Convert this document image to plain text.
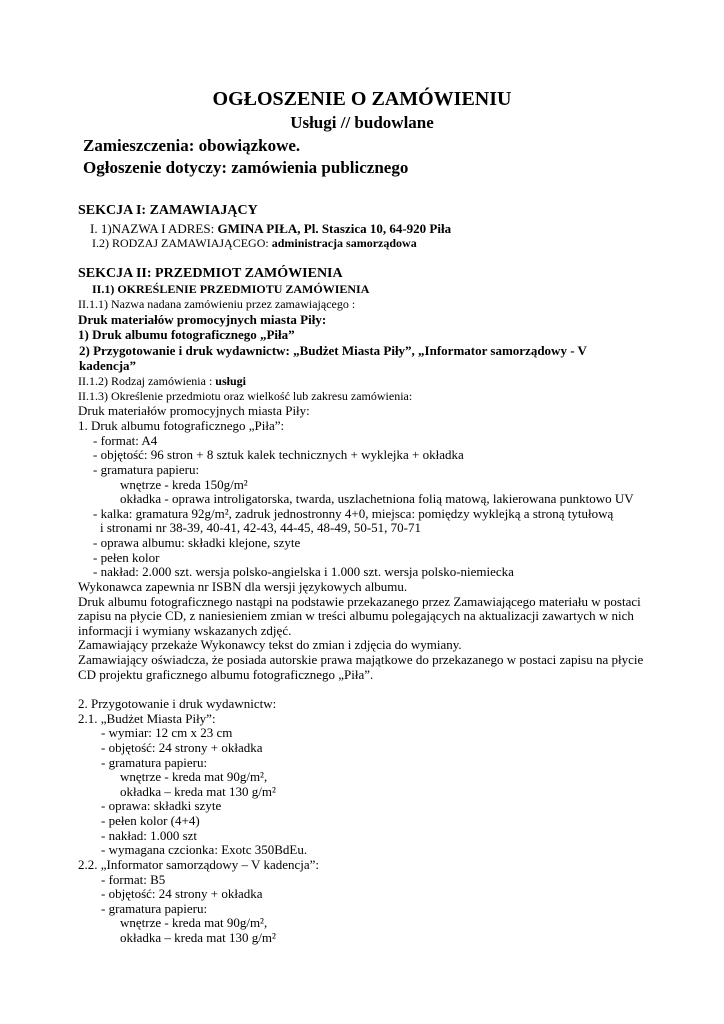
OGŁOSZENIE O ZAMÓWIENIU
Usługi // budowlane
Zamieszczenia: obowiązkowe.
Ogłoszenie dotyczy: zamówienia publicznego
SEKCJA I: ZAMAWIAJĄCY
I. 1)NAZWA I ADRES: GMINA PIŁA, Pl. Staszica 10, 64-920 Piła
I.2) RODZAJ ZAMAWIAJĄCEGO: administracja samorządowa
SEKCJA II: PRZEDMIOT ZAMÓWIENIA
II.1) OKREŚLENIE PRZEDMIOTU ZAMÓWIENIA
II.1.1) Nazwa nadana zamówieniu przez zamawiającego :
Druk materiałów promocyjnych miasta Piły:
1) Druk albumu fotograficznego „Piła”
2) Przygotowanie i druk wydawnictw: „Budżet Miasta Piły”, „Informator samorządowy - V
kadencja”
II.1.2) Rodzaj zamówienia : usługi
II.1.3) Określenie przedmiotu oraz wielkość lub zakresu zamówienia:
Druk materiałów promocyjnych miasta Piły:
1. Druk albumu fotograficznego „Piła”:
- format: A4
- objętość: 96 stron + 8 sztuk kalek technicznych + wyklejka + okładka
- gramatura papieru:
wnętrze - kreda 150g/m²
okładka - oprawa introligatorska, twarda, uszlachetniona folią matową, lakierowana punktowo UV
- kalka: gramatura 92g/m², zadruk jednostronny 4+0, miejsca: pomiędzy wyklejką a stroną tytułową
i stronami nr 38-39, 40-41, 42-43, 44-45, 48-49, 50-51, 70-71
- oprawa albumu: składki klejone, szyte
- pełen kolor
- nakład: 2.000 szt. wersja polsko-angielska i 1.000 szt. wersja polsko-niemiecka
Wykonawca zapewnia nr ISBN dla wersji językowych albumu.
Druk albumu fotograficznego nastąpi na podstawie przekazanego przez Zamawiającego materiału w postaci
zapisu na płycie CD, z naniesieniem zmian w treści albumu polegających na aktualizacji zawartych w nich
informacji i wymiany wskazanych zdjęć.
Zamawiający przekaże Wykonawcy tekst do zmian i zdjęcia do wymiany.
Zamawiający oświadcza, że posiada autorskie prawa majątkowe do przekazanego w postaci zapisu na płycie
CD projektu graficznego albumu fotograficznego „Piła”.
2. Przygotowanie i druk wydawnictw:
2.1. „Budżet Miasta Piły”:
- wymiar: 12 cm x 23 cm
- objętość: 24 strony + okładka
- gramatura papieru:
wnętrze - kreda mat 90g/m²,
okładka – kreda mat 130 g/m²
- oprawa: składki szyte
- pełen kolor (4+4)
- nakład: 1.000 szt
- wymagana czcionka: Exotc 350BdEu.
2.2. „Informator samorządowy – V kadencja”:
- format: B5
- objętość: 24 strony + okładka
- gramatura papieru:
wnętrze - kreda mat 90g/m²,
okładka – kreda mat 130 g/m²
